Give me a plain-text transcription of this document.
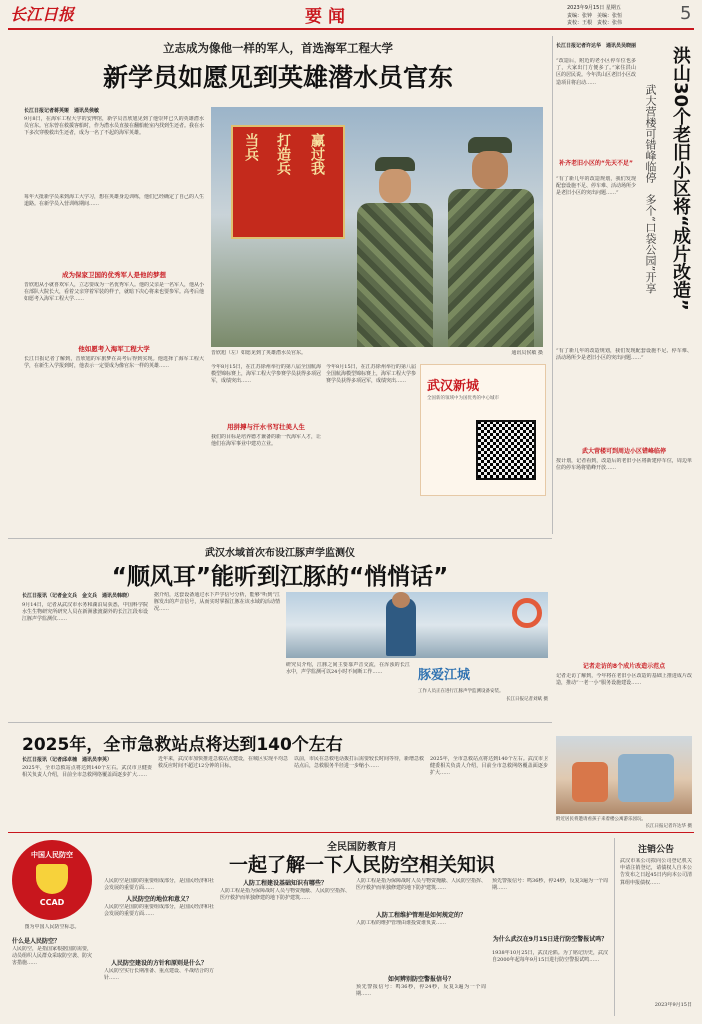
长江日报	要闻	2023年9月15日 星期五
责编：张钟　美编：张恒
责校：王根　责校：张伟	5
立志成为像他一样的军人，首选海军工程大学
新学员如愿见到英雄潜水员官东
长江日报记者蒋英姬　通讯员侯敏
9月8日，在海军工程大学的安博馆，新学员晋欣旭见到了他崇拜已久的英雄潜水员官东。官东曾在救援客船时，作为潜水员直接在翻船舱室内找到生还者。我在水下多次穿梭救出生还者，成为一名了不起的海军英雄。
每年大批新学员来到海工大学习，想在英雄身边训练，他们已经确定了自己的人生道路。在新学员入营训练期间……
成为保家卫国的优秀军人是他的梦想
晋欣旭从小就喜欢军人，立志要成为一名优秀军人。他的父亲是一名军人，他从小在部队大院长大，看着父亲穿着军装的样子，就暗下决心将来也要参军。高考后他如愿考入海军工程大学……
他如愿考入海军工程大学
长江日报记者了解到，晋欣旭的军旅梦在高考后得到实现。他选择了海军工程大学，在新生入学报到时，他表示一定要成为像官东一样的英雄……
当兵 打造兵 赢过我
晋欣旭（左）如愿见到了英雄潜水员官东。	通讯员侯敏 摄
今年8月15日，在江苏徐州举行的第八届全国航海模型锦标赛上，海军工程大学参赛学员获得多项冠军，成绩突出……
用拼搏与汗水书写壮美人生
我们的目标是培养德才兼备的新一代海军人才，让他们在海军事业中建功立业。
今年8月15日，在江苏徐州举行的第八届全国航海模型锦标赛上，海军工程大学参赛学员获得多项冠军，成绩突出……	武汉新城
全国新的领域中为国优秀的中心城市
洪山30个老旧小区将“成片改造”
武大营楼可错峰临停　多个“口袋公园”开享
长江日报记者许达华　通讯员吴晓丽
“改造后，附近的老小区停车位也多了，大家出门方便多了。”家住洪山区的居民说。今年洪山区老旧小区改造项目将启动……
补齐老旧小区的“先天不足”
“有了新几年的改造规划，我们发现配套设施不足、停车难、活动场所少是老旧小区的突出问题……”
“有了新几年的改造规划，我们发现配套设施不足、停车难、活动场所少是老旧小区的突出问题……”
武大营楼可到周边小区错峰临停
按计划，记者看到，改造后的老旧小区将新建停车位，周边单位的停车场将错峰开放……
记者走访的8个成片改造示范点
记者走访了解到，今年将在老旧小区改造的基础上推进成片改造，推动“一老一小”服务设施建设……
附近居民将邀请看孩子来着楼公寓游乐园玩。
长江日报记者许达华 摄
武汉水域首次布设江豚声学监测仪
“顺风耳”能听到江豚的“悄悄话”
长江日报讯（记者金文兵　金文兵　通讯员韩晓）
9月14日，记者从武汉市水务和湖泊局获悉，中国科学院水生生物研究所研究人员在新洲涨渡湖外的长江江段布设江豚声学监测仪……
据介绍，这套设备通过水下声学信号分析，能够“听到”江豚发出的声音信号，从而实时掌握江豚在该水域的活动情况……
研究员介绍，江豚之间主要靠声音交流，在浑浊的长江水中，声学监测可以24小时不间断工作……	豚爱江城
工作人员正在进行江豚声学监测设备安装。
长江日报记者刘斌 摄
2025年，全市急救站点将达到140个左右
长江日报讯（记者邱卓楠　通讯员李英）
2025年，全市急救站点将达到140个左右。武汉市卫健委相关负责人介绍，目前全市急救网络覆盖面逐步扩大……
近年来，武汉市加快推进急救站点建设，在城区实现平均急救反应时间不超过12分钟的目标。
以前，市民在急救电话拨打后需要较长时间等待，新增急救站点后，急救服务半径进一步缩小……
2025年，全市急救站点将达到140个左右。武汉市卫健委相关负责人介绍，目前全市急救网络覆盖面逐步扩大……
中国人民防空
CCAD
图为中国人民防空标志。
什么是人民防空？
人民防空，是指国家根据国防需要，动员组织人民群众采取防空袭、防灾害措施……
全民国防教育月
一起了解一下人民防空相关知识
人民防空是国防的重要组成部分，是国民经济和社会发展的重要方面……
人民防空的地位和意义？
人民防空是国防的重要组成部分，是国民经济和社会发展的重要方面……
人民防空建设的方针和原则是什么？
人民防空实行长期准备、重点建设、平战结合的方针……
人防工程建设基础知识有哪些？
人防工程是指为保障战时人员与物资掩蔽、人民防空指挥、医疗救护而单独修建的地下防护建筑……
人防工程是指为保障战时人员与物资掩蔽、人民防空指挥、医疗救护而单独修建的地下防护建筑……
人防工程维护管理是如何规定的？
人防工程的维护管理由谁投资谁负责……
如何辨别防空警报信号？
预先警报信号：鸣36秒，停24秒，反复3遍为一个周期……
预先警报信号：鸣36秒，停24秒，反复3遍为一个周期……
为什么武汉在9月15日进行防空警报试鸣？
1938年10月25日，武汉沦陷。为了铭记历史，武汉自2000年起每年9月15日进行防空警报试鸣……
注销公告
武汉市某公司拟向公司登记机关申请注销登记，请债权人自本公告发布之日起45日内向本公司清算组申报债权……
2023年9月15日
